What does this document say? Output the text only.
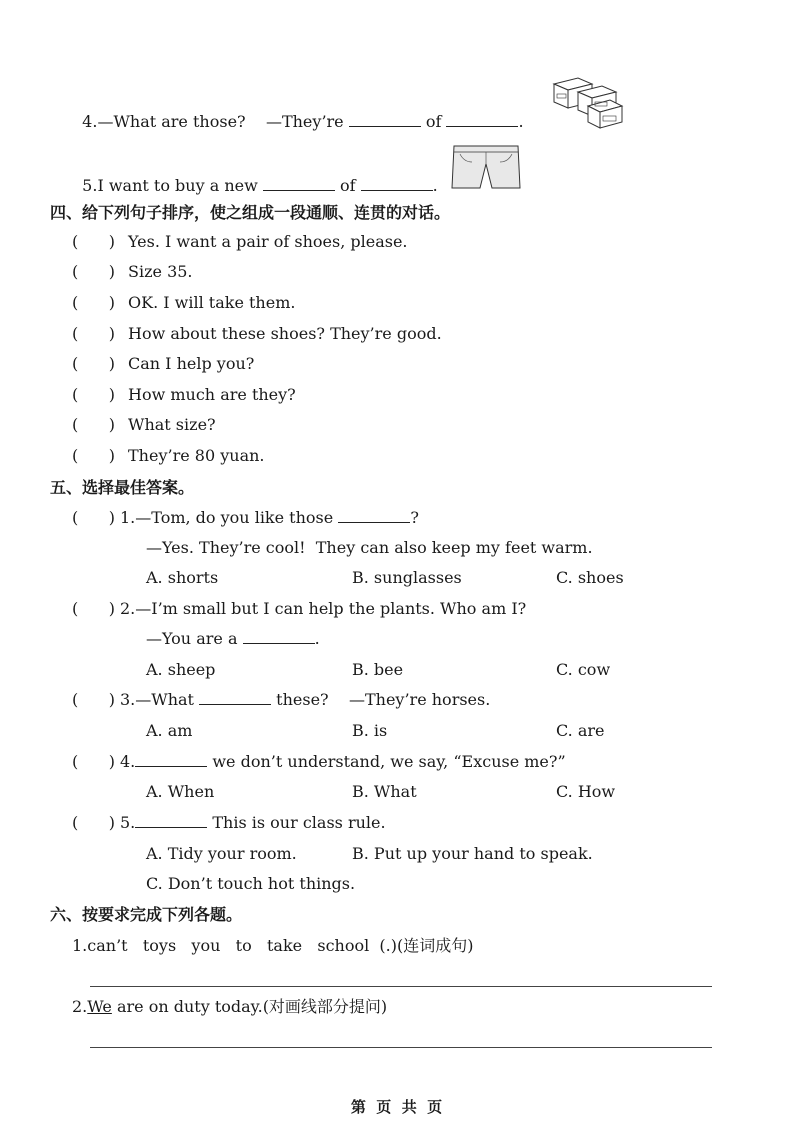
4.—What are those? —They’re	of	.

5.I want to buy a new	of	.

四、给下列句子排序，使之组成一段通顺、连贯的对话。
(      ) Yes. I want a pair of shoes, please.
(      ) Size 35.
(      ) OK. I will take them.
(      ) How about these shoes? They’re good.
(      ) Can I help you?
(      ) How much are they?
(      ) What size?
(      ) They’re 80 yuan.
五、选择最佳答案。
(      ) 1.—Tom, do you like those	?
—Yes. They’re cool!  They can also keep my feet warm.
A. shorts	B. sunglasses	C. shoes
(      ) 2.—I’m small but I can help the plants. Who am I?
—You are a	.
A. sheep	B. bee	C. cow
(      ) 3.—What	these?    —They’re horses.
A. am	B. is	C. are
(      ) 4.	we don’t understand, we say, “Excuse me?”
A. When	B. What	C. How
(      ) 5.	This is our class rule.
A. Tidy your room.	B. Put up your hand to speak.
C. Don’t touch hot things.
六、按要求完成下列各题。
1.can’t   toys   you   to   take   school (.)(连词成句)
2.We are on duty today.(对画线部分提问)
第  页  共  页
